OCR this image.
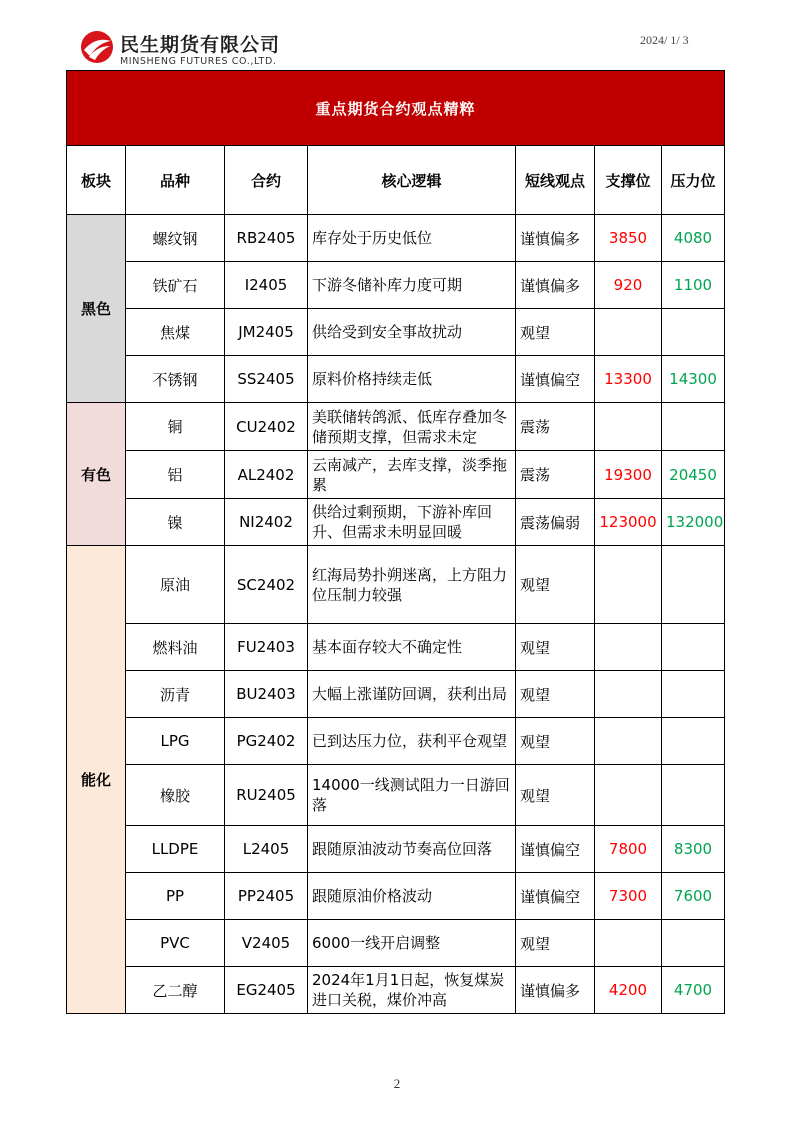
民生期货有限公司
MINSHENG FUTURES CO.,LTD.
2024/ 1/ 3
重点期货合约观点精粹						
板块	品种	合约	核心逻辑	短线观点	支撑位	压力位
黑色	螺纹钢	RB2405	库存处于历史低位	谨慎偏多	3850	4080
	铁矿石	I2405	下游冬储补库力度可期	谨慎偏多	920	1100
	焦煤	JM2405	供给受到安全事故扰动	观望		
	不锈钢	SS2405	原料价格持续走低	谨慎偏空	13300	14300
有色	铜	CU2402	美联储转鸽派、低库存叠加冬储预期支撑，但需求未定	震荡		
	铝	AL2402	云南减产，去库支撑，淡季拖累	震荡	19300	20450
	镍	NI2402	供给过剩预期，下游补库回升、但需求未明显回暖	震荡偏弱	123000	132000
能化	原油	SC2402	红海局势扑朔迷离，上方阻力位压制力较强	观望		
	燃料油	FU2403	基本面存较大不确定性	观望		
	沥青	BU2403	大幅上涨谨防回调，获利出局	观望		
	LPG	PG2402	已到达压力位，获利平仓观望	观望		
	橡胶	RU2405	14000一线测试阻力一日游回落	观望		
	LLDPE	L2405	跟随原油波动节奏高位回落	谨慎偏空	7800	8300
	PP	PP2405	跟随原油价格波动	谨慎偏空	7300	7600
	PVC	V2405	6000一线开启调整	观望		
	乙二醇	EG2405	2024年1月1日起，恢复煤炭进口关税，煤价冲高	谨慎偏多	4200	4700
2
